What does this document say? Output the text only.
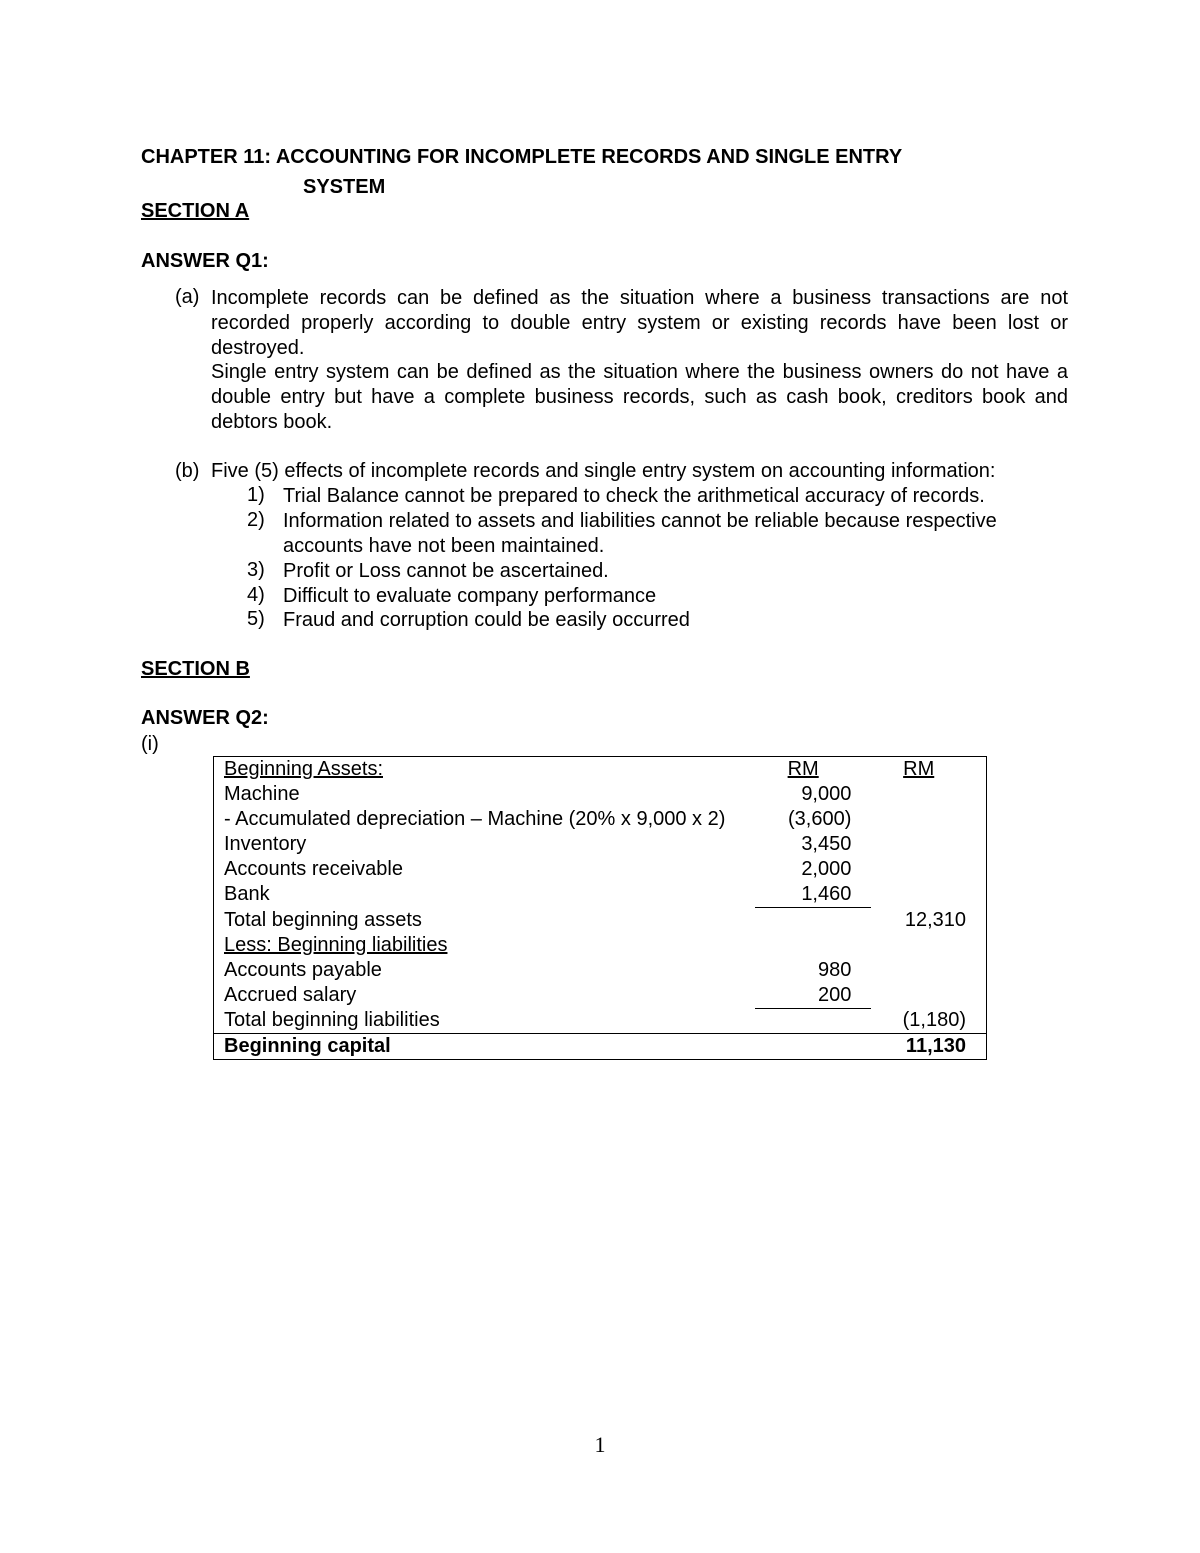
CHAPTER 11: ACCOUNTING FOR INCOMPLETE RECORDS AND SINGLE ENTRY
SYSTEM
SECTION A
ANSWER Q1:
(a) Incomplete records can be defined as the situation where a business transactions are not recorded properly according to double entry system or existing records have been lost or destroyed.
Single entry system can be defined as the situation where the business owners do not have a double entry but have a complete business records, such as cash book, creditors book and debtors book.
(b) Five (5) effects of incomplete records and single entry system on accounting information:
1) Trial Balance cannot be prepared to check the arithmetical accuracy of records.
2) Information related to assets and liabilities cannot be reliable because respective accounts have not been maintained.
3) Profit or Loss cannot be ascertained.
4) Difficult to evaluate company performance
5) Fraud and corruption could be easily occurred
SECTION B
ANSWER Q2:
(i)
Beginning Assets:	RM	RM
Machine	9,000	
- Accumulated depreciation – Machine (20% x 9,000 x 2)	(3,600)	
Inventory	3,450	
Accounts receivable	2,000	
Bank	1,460	
Total beginning assets		12,310
Less: Beginning liabilities		
Accounts payable	980	
Accrued salary	200	
Total beginning liabilities		(1,180)
Beginning capital		11,130
1
